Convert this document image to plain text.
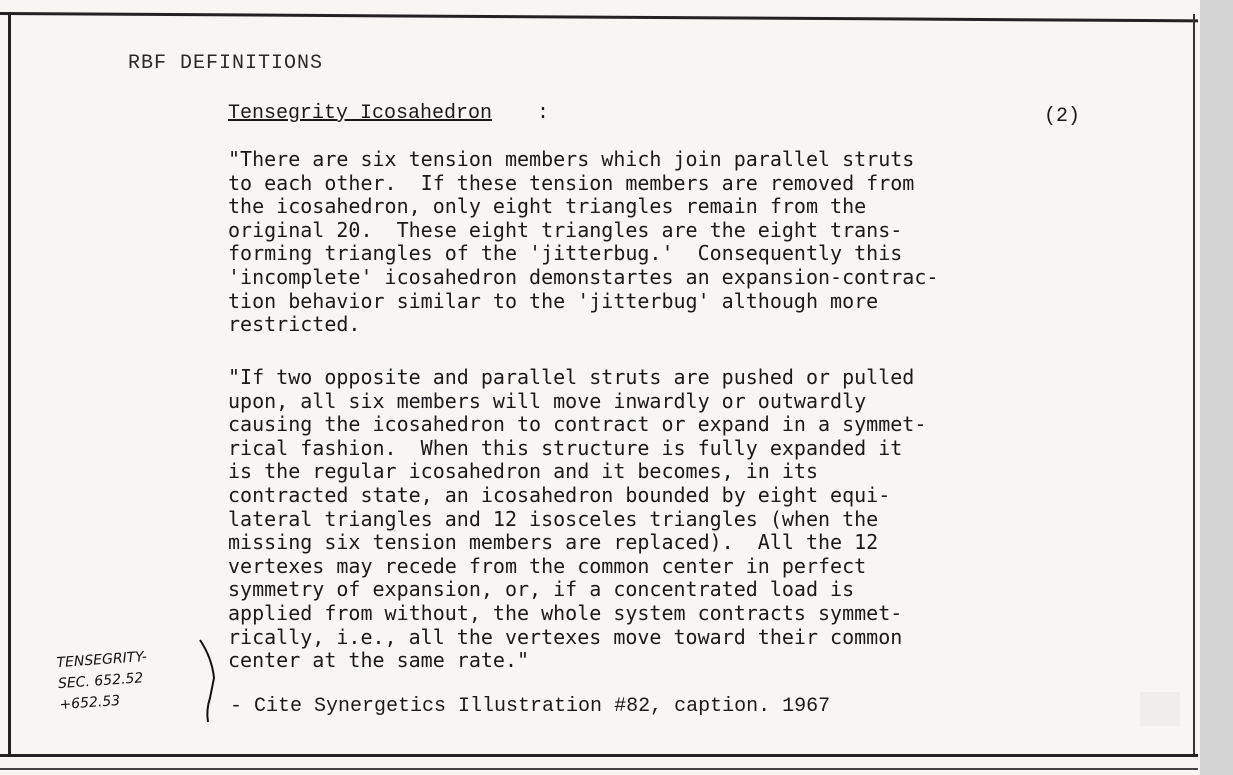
RBF DEFINITIONS
Tensegrity Icosahedron :	(2)
"There are six tension members which join parallel struts
to each other.  If these tension members are removed from
the icosahedron, only eight triangles remain from the
original 20.  These eight triangles are the eight trans-
forming triangles of the 'jitterbug.'  Consequently this
'incomplete' icosahedron demonstartes an expansion-contrac-
tion behavior similar to the 'jitterbug' although more
restricted.
"If two opposite and parallel struts are pushed or pulled
upon, all six members will move inwardly or outwardly
causing the icosahedron to contract or expand in a symmet-
rical fashion.  When this structure is fully expanded it
is the regular icosahedron and it becomes, in its
contracted state, an icosahedron bounded by eight equi-
lateral triangles and 12 isosceles triangles (when the
missing six tension members are replaced).  All the 12
vertexes may recede from the common center in perfect
symmetry of expansion, or, if a concentrated load is
applied from without, the whole system contracts symmet-
rically, i.e., all the vertexes move toward their common
center at the same rate."
- Cite Synergetics Illustration #82, caption. 1967
TENSEGRITY-
SEC. 652.52
+652.53
